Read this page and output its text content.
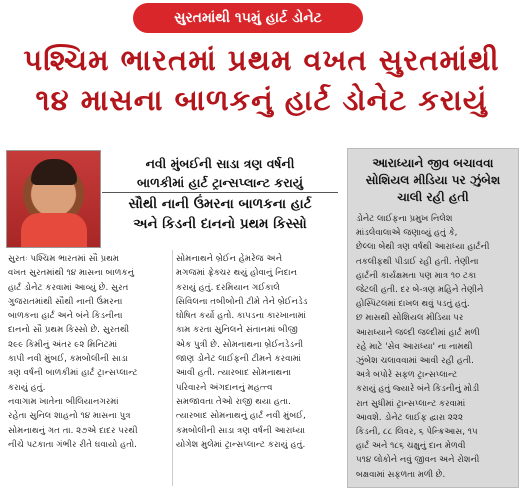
સુરતમાંથી ૧૫મું હાર્ટ ડોનેટ
પશ્ચિમ ભારતમાં પ્રથમ વખત સુરતમાંથી
૧૪ માસના બાળકનું હાર્ટ ડોનેટ કરાયું
નવી મુંબઈની સાડા ત્રણ વર્ષની
બાળકીમાં હાર્ટ ટ્રાન્સપ્લાન્ટ કરાયું
સૌથી નાની ઉંમરના બાળકના હાર્ટ
અને કિડની દાનનો પ્રથમ કિસ્સો
સુરતઃ પશ્ચિમ ભારતમાં સૌ પ્રથમ
વખત સુરતમાંથી ૧૪ માસના બાળકનું
હાર્ટ ડોનેટ કરવામાં આવ્યું છે. સુરત
ગુજરાતમાંથી સૌથી નાની ઉંમરના
બાળકના હાર્ટ અને બંને કિડનીના
દાનનો સૌ પ્રથમ કિસ્સો છે. સુરતથી
૨૯૯ કિમીનું અંતર ૯૨ મિનિટમાં
કાપી નવી મુંબઈ, કમબોલીની સાડા
ત્રણ વર્ષની બાળકીમાં હાર્ટ ટ્રાન્સપ્લાન્ટ
કરાયું હતું.
નવાગામ ખાતેના બીલિયાનગરમાં
રહેતા સુનિલ શાહનો ૧૪ માસના પુત્ર
સોમનાથનું ગત તા. ૨૭એ દાદર પરથી
નીચે પટકાતા ગંભીર રીતે ઘવાયો હતો.
સોમનાથને બ્રેઈન હેમરેજ અને
મગજમાં ફ્રેક્ચર થયું હોવાનું નિદાન
કરાયું હતું. દરમિયાન ગઈકાલે
સિવિલના તબીબોની ટીમે તેને બ્રેઈનડેડ
ઘોષિત કર્યો હતો. કાપડના કારખાનામાં
કામ કરતા સુનિલને સંતાનમાં બીજી
એક પુત્રી છે. સોમનાથના બ્રેઈનડેડની
જાણ ડોનેટ લાઈફની ટીમને કરવામાં
આવી હતી. ત્યારબાદ સોમનાથના
પરિવારને અંગદાનનું મહત્ત્વ
સમજાવતા તેઓ રાજી થયા હતા.
ત્યારબાદ સોમનાથનું હાર્ટ નવી મુંબઈ,
કમબોલીની સાડા ત્રણ વર્ષની આરાધ્યા
યોગેશ મુલેમાં ટ્રાન્સપ્લાન્ટ કરાયું હતું.
આરાધ્યાને જીવ બચાવવા સોશિયલ મીડિયા પર ઝુંબેશ ચાલી રહી હતી
ડોનેટ લાઈફના પ્રમુખ નિલેશ
માંડલેવાલાએ જણાવ્યું હતું કે,
છેલ્લા બેથી ત્રણ વર્ષથી આરાધ્યા હાર્ટની
તકલીફથી પીડાઈ રહી હતી. તેણીના
હાર્ટની કાર્યક્ષમતા પણ માત્ર ૧૦ ટકા
જેટલી હતી. દર બે-ત્રણ મહિને તેણીને
હોસ્પિટલમાં દાખલ થવું પડતું હતું.
છ માસથી સોશિયલ મીડિયા પર
આરાધ્યાને જલ્દી જલ્દીમાં હાર્ટ મળી
રહે માટે 'સેવ આરાધ્યા' ના નામથી
ઝુંબેશ ચલાવવામાં આવી રહી હતી.
અત્રે બપોરે સફળ ટ્રાન્સપ્લાન્ટ
કરાયું હતું જ્યારે બંને કિડનીનું મોડી
રાત સુધીમાં ટ્રાન્સપ્લાન્ટ કરવામાં
આવશે. ડોનેટ લાઈફ દ્વારા ૨૨૨
કિડની, ૮૮ લિવર, ૬ પેન્ક્રિઆસ, ૧૫
હાર્ટ અને ૧૮૬ ચક્ષુનું દાન મેળવી
૫૧૪ લોકોને નવું જીવન અને રોશની
બક્ષવામાં સફળતા મળી છે.
